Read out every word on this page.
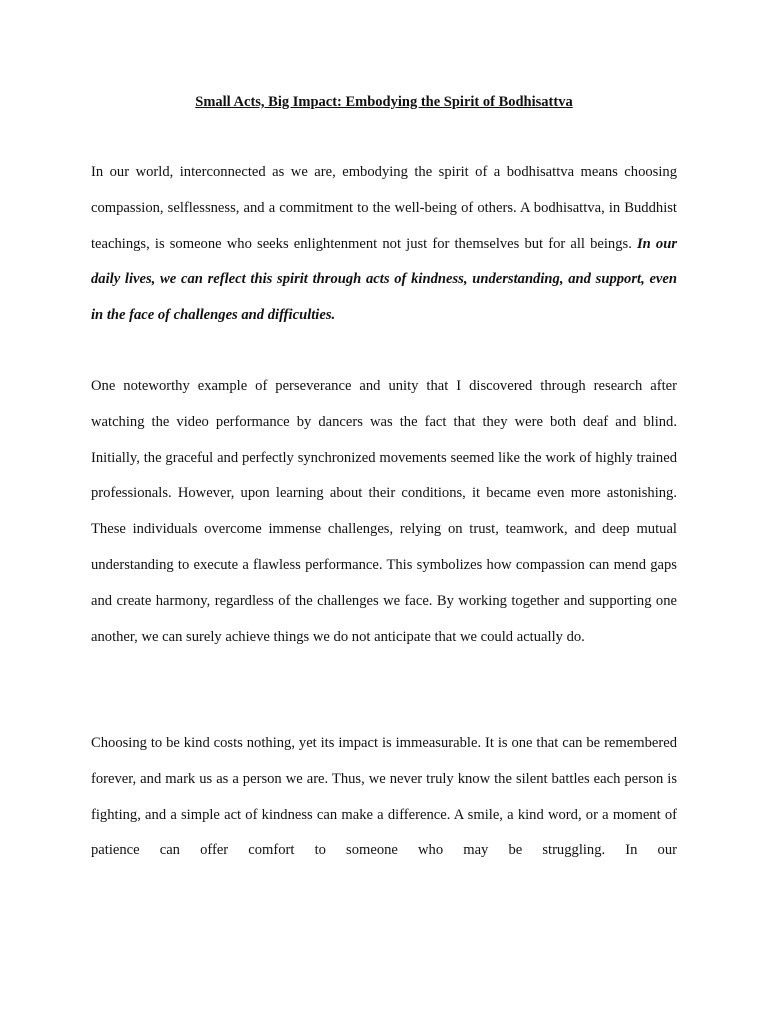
Small Acts, Big Impact: Embodying the Spirit of Bodhisattva

In our world, interconnected as we are, embodying the spirit of a bodhisattva means choosing compassion, selflessness, and a commitment to the well-being of others. A bodhisattva, in Buddhist teachings, is someone who seeks enlightenment not just for themselves but for all beings. In our daily lives, we can reflect this spirit through acts of kindness, understanding, and support, even in the face of challenges and difficulties.

One noteworthy example of perseverance and unity that I discovered through research after watching the video performance by dancers was the fact that they were both deaf and blind. Initially, the graceful and perfectly synchronized movements seemed like the work of highly trained professionals. However, upon learning about their conditions, it became even more astonishing. These individuals overcome immense challenges, relying on trust, teamwork, and deep mutual understanding to execute a flawless performance. This symbolizes how compassion can mend gaps and create harmony, regardless of the challenges we face. By working together and supporting one another, we can surely achieve things we do not anticipate that we could actually do.

Choosing to be kind costs nothing, yet its impact is immeasurable. It is one that can be remembered forever, and mark us as a person we are. Thus, we never truly know the silent battles each person is fighting, and a simple act of kindness can make a difference. A smile, a kind word, or a moment of patience can offer comfort to someone who may be struggling. In our
